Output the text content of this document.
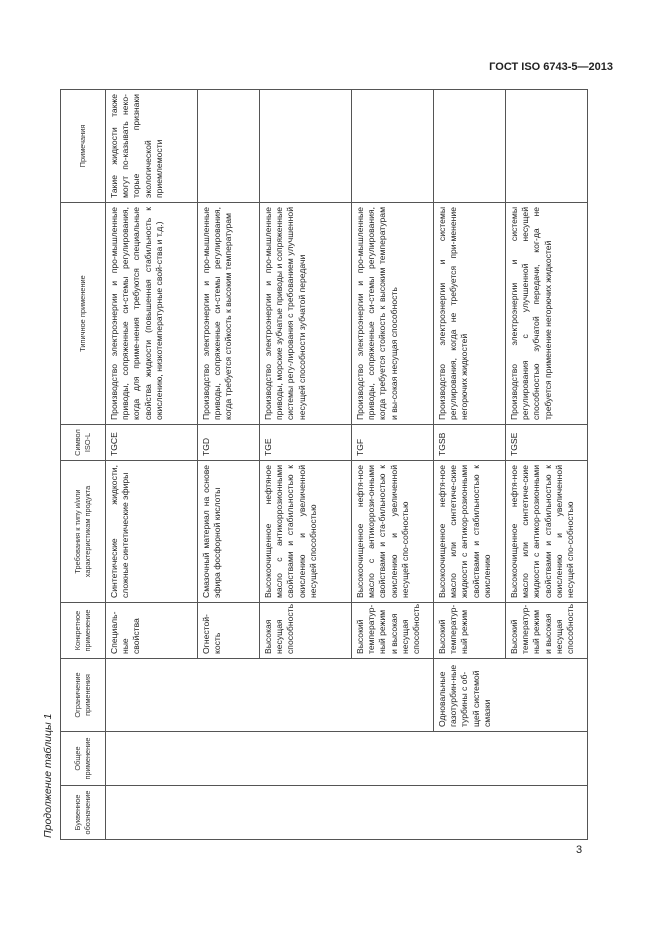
ГОСТ ISO 6743-5—2013
Продолжение таблицы 1	Буквенное обозначение	Общее применение	Ограничение применения	Конкретное применение	Требования к типу и/или характеристикам продукта	Символ ISO-L	Типичное применение	Примечания
			Специаль-ные свойства	Синтетические жидкости, сложные синтетические эфиры	TGCE	Производство электроэнергии и про-мышленные приводы, сопряженные си-стемы регулирования, когда для приме-нения требуются специальные свойства жидкости (повышенная стабильность к окислению, низкотемпературные свой-ства и т.д.)	Такие жидкости также могут по-казывать неко-торые признаки экологической приемлемости
			Огнестой-кость	Смазочный материал на основе эфира фосфорной кислоты	TGD	Производство электроэнергии и про-мышленные приводы, сопряженные си-стемы регулирования, когда требуется стойкость к высоким температурам	
			Высокая несущая способность	Высокоочищенное нефтяное масло с антикоррозионными свойствами и стабильностью к окислению и увеличенной несущей способностью	TGE	Производство электроэнергии и про-мышленные приводы, морские зубчатые приводы и сопряженные системы регу-лирования с требованием улучшенной несущей способности зубчатой передачи	
			Высокий температур-ный режим и высокая несущая способность	Высокоочищенное нефтя-ное масло с антикоррози-онными свойствами и ста-бильностью к окислению и увеличенной несущей спо-собностью	TGF	Производство электроэнергии и про-мышленные приводы, сопряженные си-стемы регулирования, когда требуется стойкость к высоким температурам и вы-сокая несущая способность	
		Одновальные газотурбин-ные турбины с об-щей системой смазки	Высокий температур-ный режим	Высокоочищенное нефтя-ное масло или синтетиче-ские жидкости с антикор-розионными свойствами и стабильностью к окислению	TGSB	Производство электроэнергии и системы регулирования, когда не требуется при-менение негорючих жидкостей	
			Высокий температур-ный режим и высокая несущая способность	Высокоочищенное нефтя-ное масло или синтетиче-ские жидкости с антикор-розионными свойствами и стабильностью к окислению и увеличенной несущей спо-собностью	TGSE	Производство электроэнергии и системы регулирования с улучшенной несущей способностью зубчатой передачи, ког-да не требуется применение негорючих жидкостей	
3
